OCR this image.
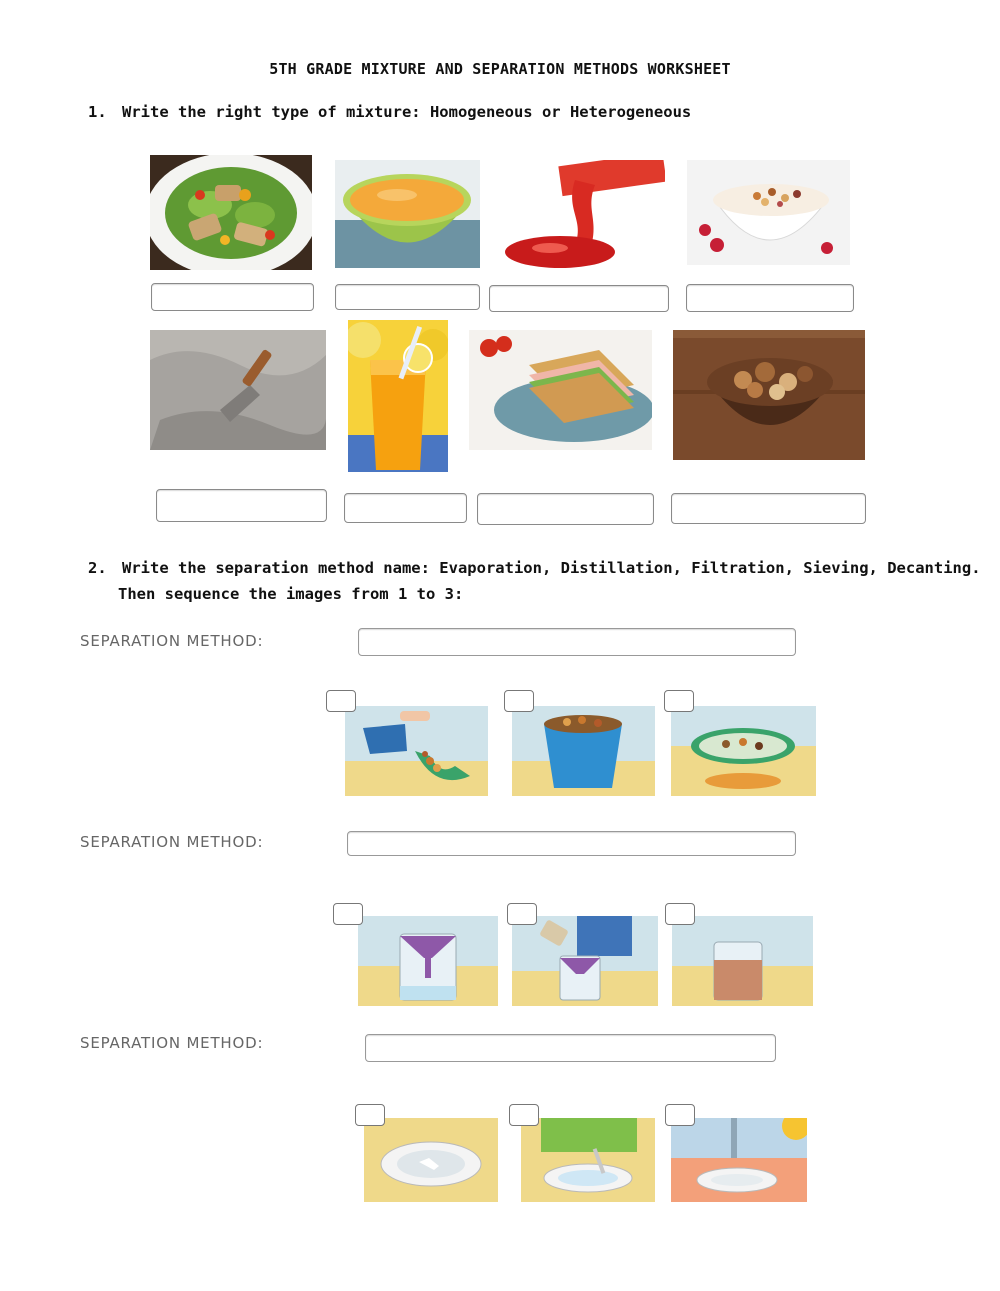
5TH GRADE MIXTURE AND SEPARATION METHODS WORKSHEET
1. Write the right type of mixture: Homogeneous or Heterogeneous
2. Write the separation method name: Evaporation, Distillation, Filtration, Sieving, Decanting.
Then sequence the images from 1 to 3:
SEPARATION METHOD:
SEPARATION METHOD:
SEPARATION METHOD:
